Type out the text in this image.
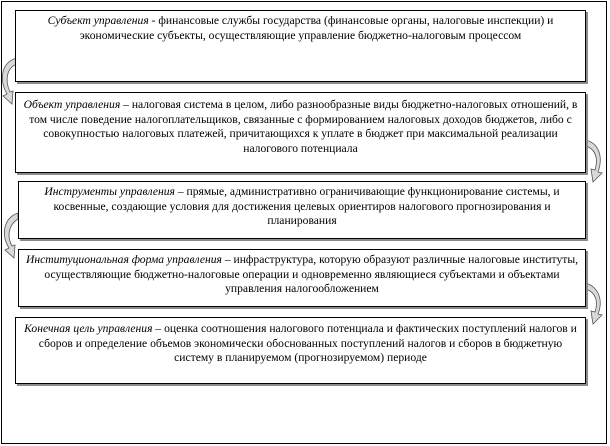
Субъект управления - финансовые службы государства (финансовые органы, налоговые инспекции) и экономические субъекты, осуществляющие управление бюджетно-налоговым процессом
Объект управления – налоговая система в целом, либо разнообразные виды бюджетно-налоговых отношений, в том числе поведение налогоплательщиков, связанные с формированием налоговых доходов бюджетов, либо с совокупностью налоговых платежей, причитающихся к уплате в бюджет при максимальной реализации налогового потенциала
Инструменты управления – прямые, административно ограничивающие функционирование системы, и косвенные, создающие условия для достижения целевых ориентиров налогового прогнозирования и планирования
Институциональная форма управления – инфраструктура, которую образуют различные налоговые институты, осуществляющие бюджетно-налоговые операции и одновременно являющиеся субъектами и объектами управления налогообложением
Конечная цель управления – оценка соотношения налогового потенциала и фактических поступлений налогов и сборов и определение объемов экономически обоснованных поступлений налогов и сборов в бюджетную систему в планируемом (прогнозируемом) периоде
